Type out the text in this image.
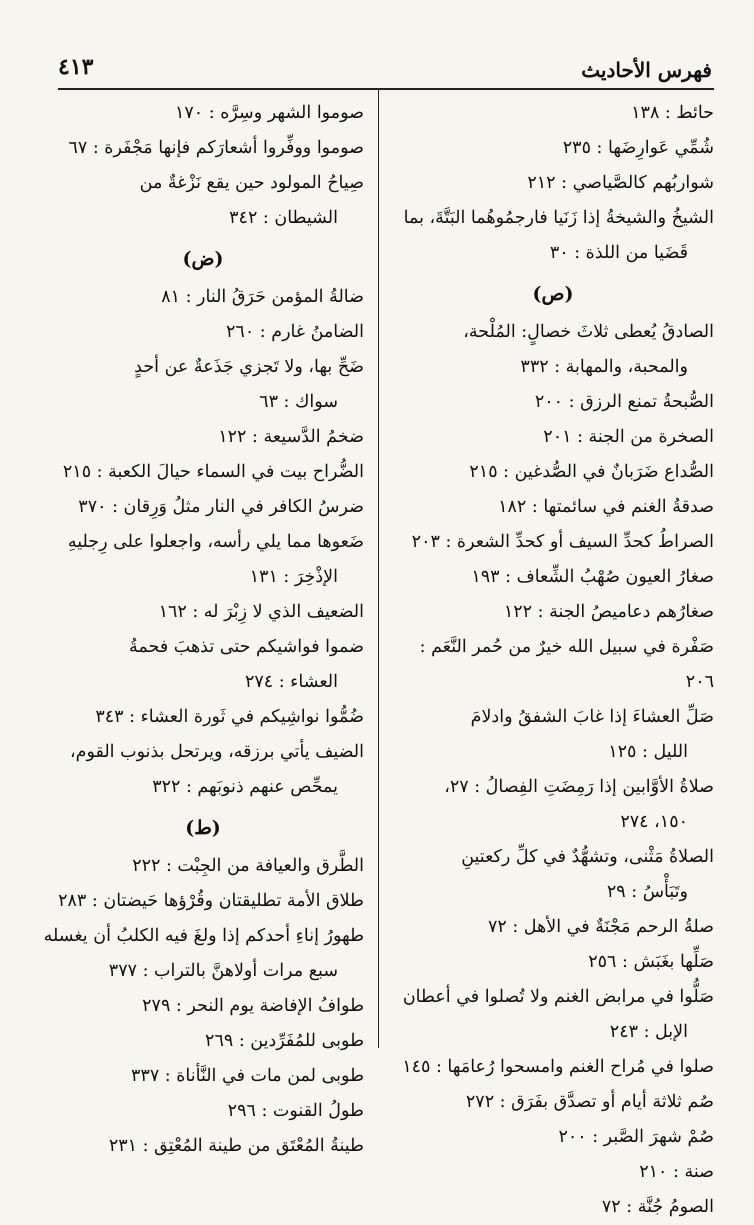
فهرس الأحاديث
٤١٣
حائط : ١٣٨
شُمِّي عَوارِضَها : ٢٣٥
شواربُهم كالصَّياصي : ٢١٢
الشيخُ والشيخةُ إذا زَنَيا فارجمُوهُما البَتَّةَ، بما
قَضَيا من اللذة : ٣٠
(ص)
الصادقُ يُعطى ثلاثَ خصالٍ: المُلْحة،
والمحبة، والمهابة : ٣٣٢
الصُّبحةُ تمنع الرزق : ٢٠٠
الصخرة من الجنة : ٢٠١
الصُّداع ضَرَبانٌ في الصُّدغين : ٢١٥
صدقةُ الغنم في سائمتها : ١٨٢
الصراطُ كحدِّ السيف أو كحدِّ الشعرة : ٢٠٣
صغارُ العيون صُهْبُ الشِّعاف : ١٩٣
صغارُهم دعاميصُ الجنة : ١٢٢
صَفْرة في سبيل الله خيرٌ من حُمر النَّعَم : ٢٠٦
صَلِّ العشاءَ إذا غابَ الشفقُ وادلامَ
الليل : ١٢٥
صلاةُ الأوَّابين إذا رَمِضَتِ الفِصالُ : ٢٧،
١٥٠، ٢٧٤
الصلاةُ مَثْنى، وتشهُّدٌ في كلِّ ركعتينِ
وتَبَأْسُ : ٢٩
صلةُ الرحم مَجْنَةٌ في الأهل : ٧٢
صَلِّها بغَبَش : ٢٥٦
صَلُّوا في مرابض الغنم ولا تُصلوا في أعطان
الإبل : ٢٤٣
صلوا في مُراح الغنم وامسحوا رُعامَها : ١٤٥
صُم ثلاثة أيام أو تصدَّق بفَرَق : ٢٧٢
صُمْ شهرَ الصَّبر : ٢٠٠
صنة : ٢١٠
الصومُ جُنَّة : ٧٢
صوموا الشهر وسِرَّه : ١٧٠
صوموا ووفِّروا أشعارَكم فإنها مَجْفَرة : ٦٧
صِياحُ المولود حين يقع نَزْغةٌ من
الشيطان : ٣٤٢
(ض)
ضالةُ المؤمن حَرَقُ النار : ٨١
الضامنُ غارم : ٢٦٠
ضَحِّ بها، ولا تَجزي جَذَعةٌ عن أحدٍ
سواك : ٦٣
ضخمُ الدَّسيعة : ١٢٢
الضُّراح بيت في السماء حيالَ الكعبة : ٢١٥
ضرسُ الكافر في النار مثلُ وَرِقان : ٣٧٠
ضَعوها مما يلي رأسه، واجعلوا على رِجليهِ
الإذْخِرَ : ١٣١
الضعيف الذي لا زِبْرَ له : ١٦٢
ضموا فواشيكم حتى تذهبَ فحمةُ
العشاء : ٢٧٤
ضُمُّوا نواشِيكم في ثَورة العشاء : ٣٤٣
الضيف يأتي برزقه، ويرتحل بذنوب القوم،
يمحِّص عنهم ذنوبَهم : ٣٢٢
(ط)
الطَّرق والعيافة من الجِبْت : ٢٢٢
طلاق الأمة تطليقتان وقُرْؤها حَيضتان : ٢٨٣
طهورُ إناءِ أحدكم إذا ولغَ فيه الكلبُ أن يغسله
سبع مرات أولاهنَّ بالتراب : ٣٧٧
طوافُ الإفاضة يوم النحر : ٢٧٩
طوبى للمُفَرِّدين : ٢٦٩
طوبى لمن مات في النَّأناة : ٣٣٧
طولُ القنوت : ٢٩٦
طينةُ المُعْتَق من طينة المُعْتِق : ٢٣١
